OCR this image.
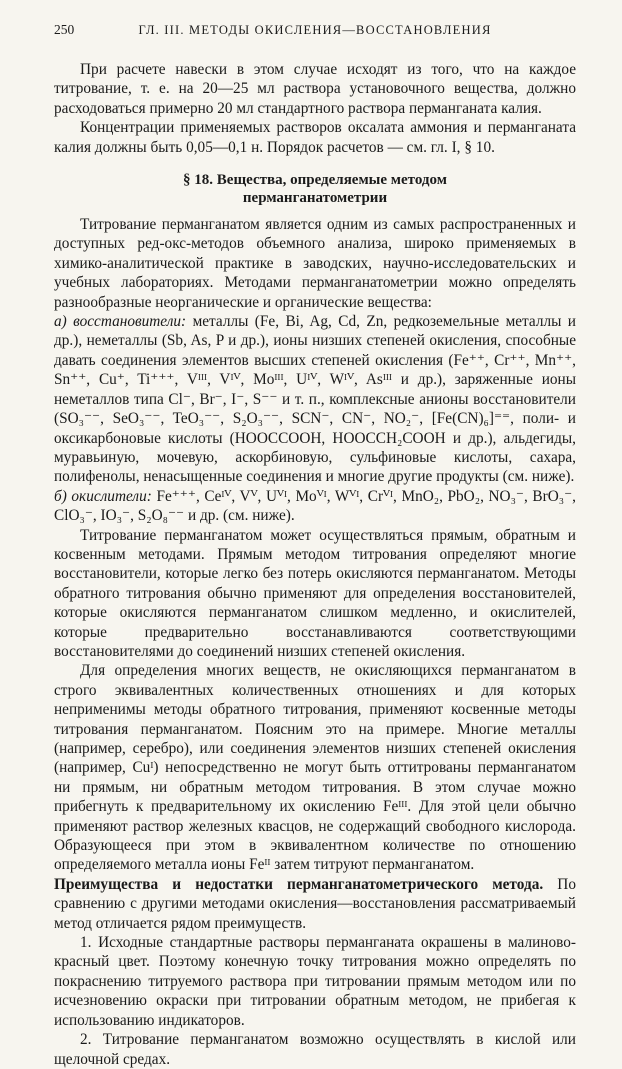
250	ГЛ. III. МЕТОДЫ ОКИСЛЕНИЯ—ВОССТАНОВЛЕНИЯ

При расчете навески в этом случае исходят из того, что на каждое титрование, т. е. на 20—25 мл раствора установочного вещества, должно расходоваться примерно 20 мл стандартного раствора перманганата калия.

Концентрации применяемых растворов оксалата аммония и перманганата калия должны быть 0,05—0,1 н. Порядок расчетов — см. гл. I, § 10.

§ 18. Вещества, определяемые методом
перманганатометрии

Титрование перманганатом является одним из самых распространенных и доступных ред-окс-методов объемного анализа, широко применяемых в химико-аналитической практике в заводских, научно-исследовательских и учебных лабораториях. Методами перманганатометрии можно определять разнообразные неорганические и органические вещества:

а) восстановители: металлы (Fe, Bi, Ag, Cd, Zn, редкоземельные металлы и др.), неметаллы (Sb, As, P и др.), ионы низших степеней окисления, способные давать соединения элементов высших степеней окисления (Fe⁺⁺, Cr⁺⁺, Mn⁺⁺, Sn⁺⁺, Cu⁺, Ti⁺⁺⁺, Vᴵᴵᴵ, Vᴵⱽ, Moᴵᴵᴵ, Uᴵⱽ, Wᴵⱽ, Asᴵᴵᴵ и др.), заряженные ионы неметаллов типа Cl⁻, Br⁻, I⁻, S⁻⁻ и т. п., комплексные анионы восстановители (SO₃⁻⁻, SeO₃⁻⁻, TeO₃⁻⁻, S₂O₃⁻⁻, SCN⁻, CN⁻, NO₂⁻, [Fe(CN)₆]⁼⁼, поли- и оксикарбоновые кислоты (HOOCCOOH, HOOCCH₂COOH и др.), альдегиды, муравьиную, мочевую, аскорбиновую, сульфиновые кислоты, сахара, полифенолы, ненасыщенные соединения и многие другие продукты (см. ниже).

б) окислители: Fe⁺⁺⁺, Ceᴵⱽ, Vⱽ, Uⱽᴵ, Moⱽᴵ, Wⱽᴵ, Crⱽᴵ, MnO₂, PbO₂, NO₃⁻, BrO₃⁻, ClO₃⁻, IO₃⁻, S₂O₈⁻⁻ и др. (см. ниже).

Титрование перманганатом может осуществляться прямым, обратным и косвенным методами. Прямым методом титрования определяют многие восстановители, которые легко без потерь окисляются перманганатом. Методы обратного титрования обычно применяют для определения восстановителей, которые окисляются перманганатом слишком медленно, и окислителей, которые предварительно восстанавливаются соответствующими восстановителями до соединений низших степеней окисления.

Для определения многих веществ, не окисляющихся перманганатом в строго эквивалентных количественных отношениях и для которых неприменимы методы обратного титрования, применяют косвенные методы титрования перманганатом. Поясним это на примере. Многие металлы (например, серебро), или соединения элементов низших степеней окисления (например, Cuᴵ) непосредственно не могут быть оттитрованы перманганатом ни прямым, ни обратным методом титрования. В этом случае можно прибегнуть к предварительному их окислению Feᴵᴵᴵ. Для этой цели обычно применяют раствор железных квасцов, не содержащий свободного кислорода. Образующееся при этом в эквивалентном количестве по отношению определяемого металла ионы Feᴵᴵ затем титруют перманганатом.

Преимущества и недостатки перманганатометрического метода. По сравнению с другими методами окисления—восстановления рассматриваемый метод отличается рядом преимуществ.

1. Исходные стандартные растворы перманганата окрашены в малиново-красный цвет. Поэтому конечную точку титрования можно определять по покраснению титруемого раствора при титровании прямым методом или по исчезновению окраски при титровании обратным методом, не прибегая к использованию индикаторов.

2. Титрование перманганатом возможно осуществлять в кислой или щелочной средах.
